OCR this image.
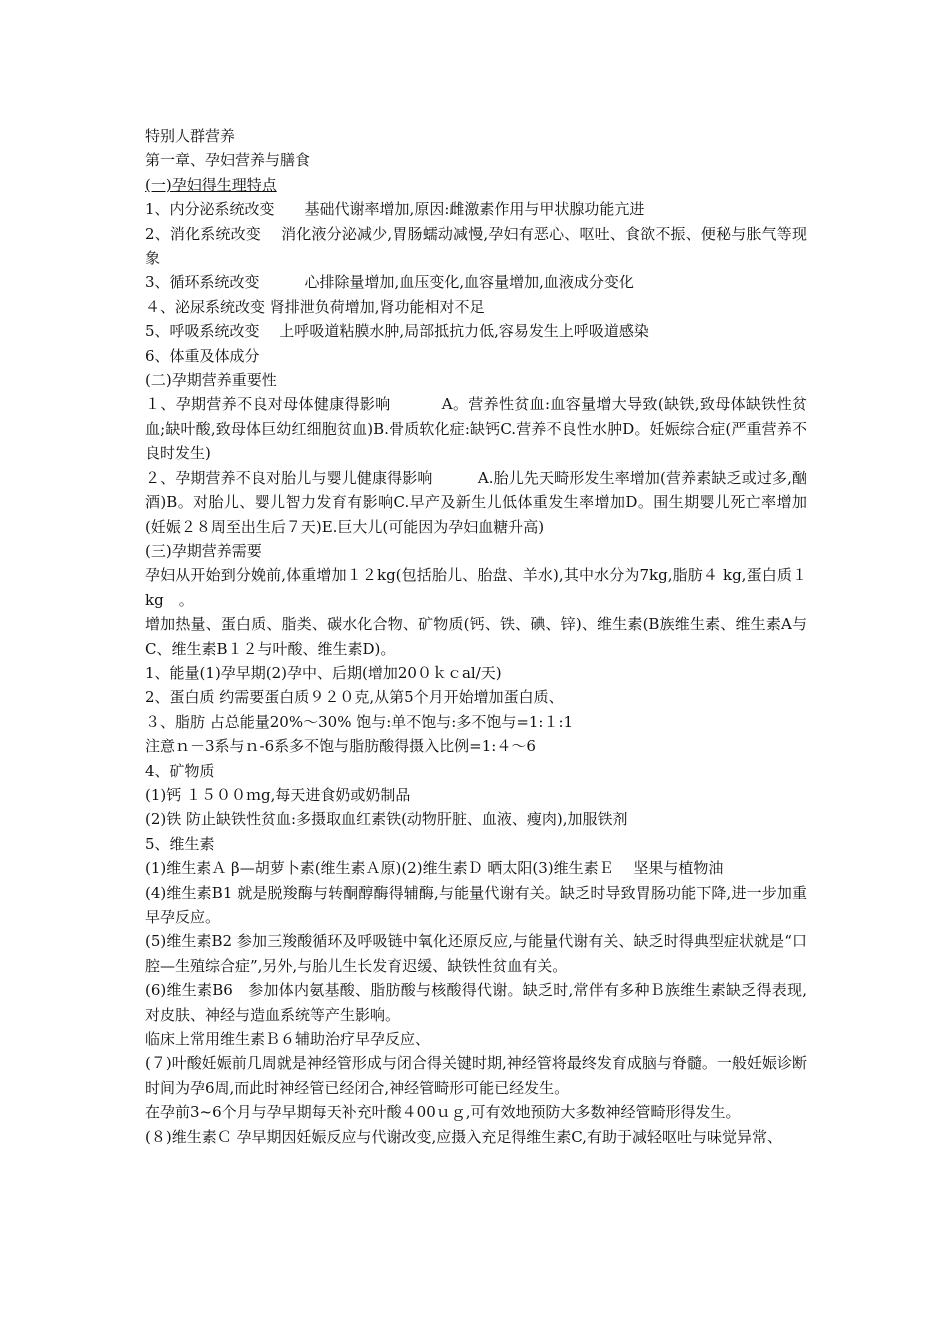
特别人群营养

第一章、孕妇营养与膳食

(一)孕妇得生理特点

1、内分泌系统改变　　基础代谢率增加,原因:雌激素作用与甲状腺功能亢进

2、消化系统改变　 消化液分泌减少,胃肠蠕动减慢,孕妇有恶心、呕吐、食欲不振、便秘与胀气等现象

3、循环系统改变　　　心排除量增加,血压变化,血容量增加,血液成分变化

４、泌尿系统改变 肾排泄负荷增加,肾功能相对不足

5、呼吸系统改变　 上呼吸道粘膜水肿,局部抵抗力低,容易发生上呼吸道感染

6、体重及体成分

(二)孕期营养重要性

１、孕期营养不良对母体健康得影响　　　 A。营养性贫血:血容量增大导致(缺铁,致母体缺铁性贫血;缺叶酸,致母体巨幼红细胞贫血)B.骨质软化症:缺钙C.营养不良性水肿D。妊娠综合症(严重营养不良时发生)

２、孕期营养不良对胎儿与婴儿健康得影响　　　A.胎儿先天畸形发生率增加(营养素缺乏或过多,酗酒)B。对胎儿、婴儿智力发育有影响C.早产及新生儿低体重发生率增加D。围生期婴儿死亡率增加(妊娠２８周至出生后７天)E.巨大儿(可能因为孕妇血糖升高)

(三)孕期营养需要

孕妇从开始到分娩前,体重增加１２kg(包括胎儿、胎盘、羊水),其中水分为7kg,脂肪４ kg,蛋白质１ kg　。

增加热量、蛋白质、脂类、碳水化合物、矿物质(钙、铁、碘、锌)、维生素(B族维生素、维生素A与C、维生素B１２与叶酸、维生素D)。

1、能量(1)孕早期(2)孕中、后期(增加20０ｋｃal/天)

2、蛋白质 约需要蛋白质９２０克,从第5个月开始增加蛋白质、

３、脂肪 占总能量20%～30% 饱与:单不饱与:多不饱与=1:１:1

注意ｎ－3系与ｎ-6系多不饱与脂肪酸得摄入比例=1:４～6

4、矿物质

(1)钙 １５００ｍg,每天进食奶或奶制品

(2)铁 防止缺铁性贫血:多摄取血红素铁(动物肝脏、血液、瘦肉),加服铁剂

5、维生素

(1)维生素Ａ β—胡萝卜素(维生素Ａ原)(2)维生素Ｄ 晒太阳(3)维生素Ｅ　 坚果与植物油

(4)维生素B1 就是脱羧酶与转酮醇酶得辅酶,与能量代谢有关。缺乏时导致胃肠功能下降,进一步加重早孕反应。

(5)维生素B2 参加三羧酸循环及呼吸链中氧化还原反应,与能量代谢有关、缺乏时得典型症状就是“口腔—生殖综合症”,另外,与胎儿生长发育迟缓、缺铁性贫血有关。

(6)维生素B6　参加体内氨基酸、脂肪酸与核酸得代谢。缺乏时,常伴有多种Ｂ族维生素缺乏得表现,对皮肤、神经与造血系统等产生影响。

临床上常用维生素Ｂ６辅助治疗早孕反应、

(７)叶酸妊娠前几周就是神经管形成与闭合得关键时期,神经管将最终发育成脑与脊髓。一般妊娠诊断时间为孕6周,而此时神经管已经闭合,神经管畸形可能已经发生。

在孕前3~6个月与孕早期每天补充叶酸４00ｕｇ,可有效地预防大多数神经管畸形得发生。

(８)维生素Ｃ 孕早期因妊娠反应与代谢改变,应摄入充足得维生素C,有助于减轻呕吐与味觉异常、
